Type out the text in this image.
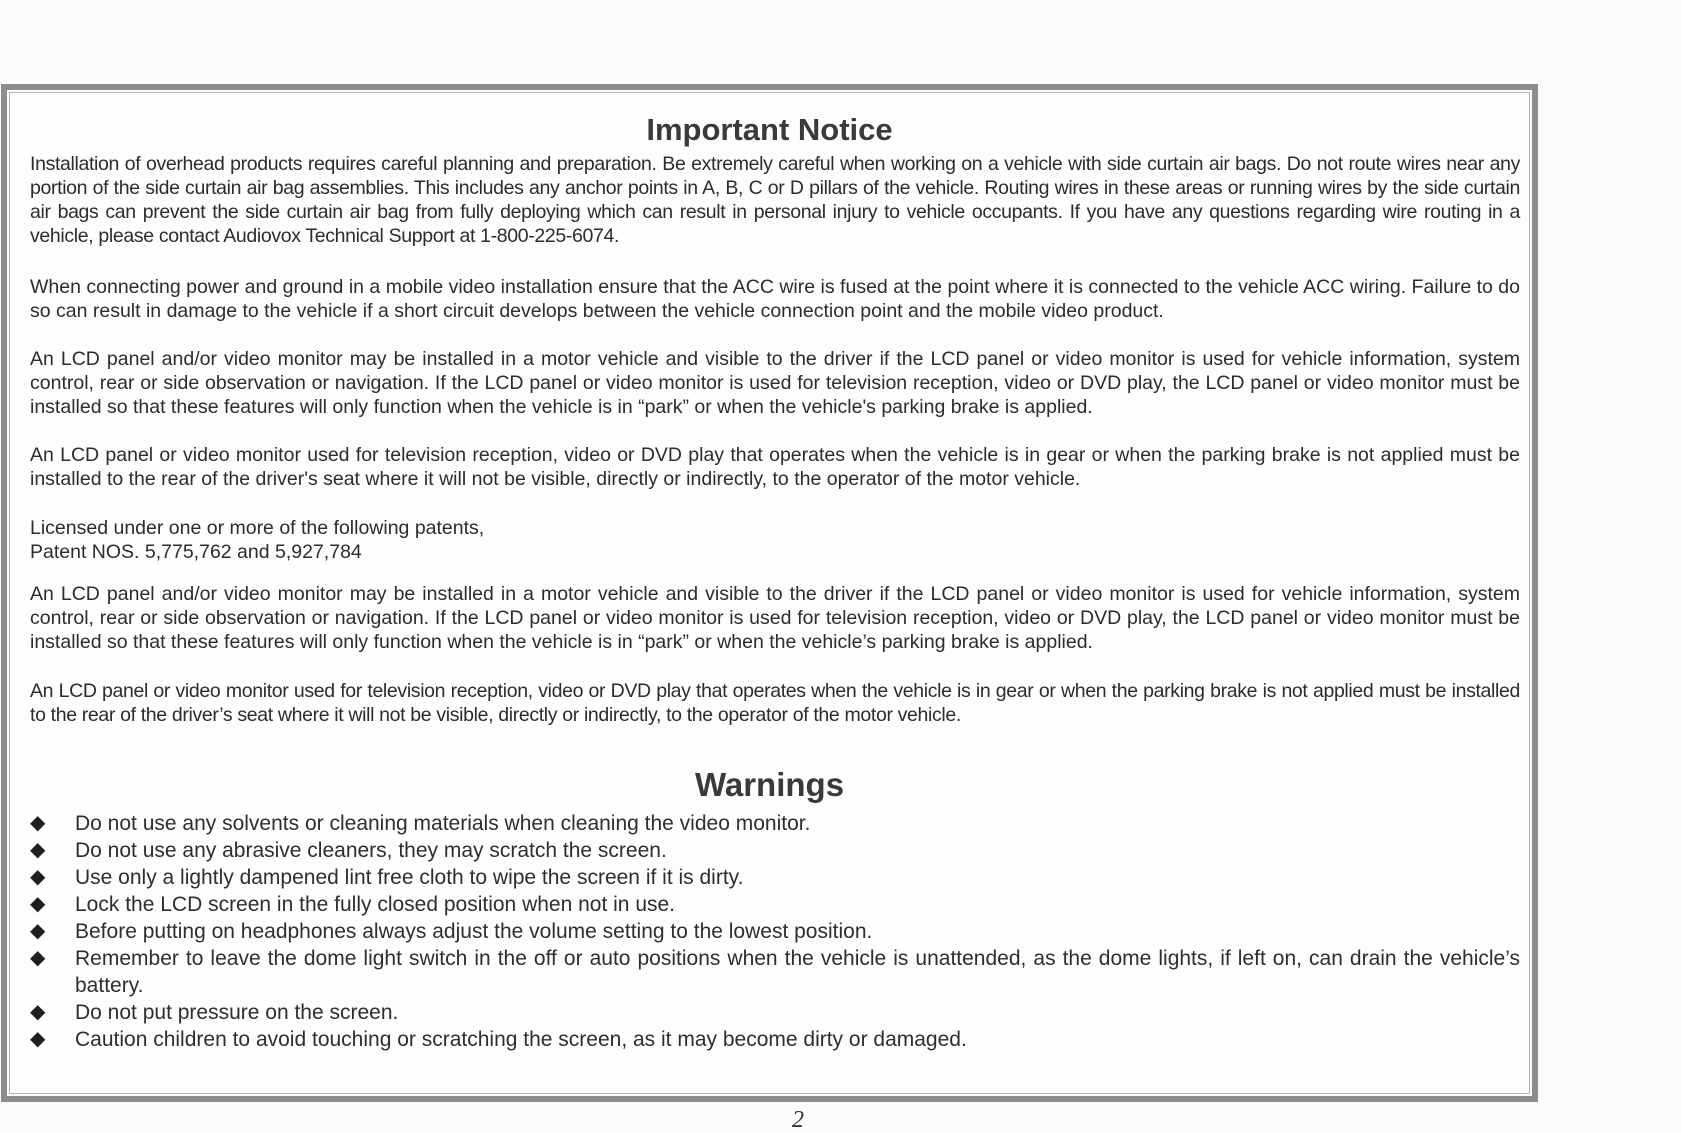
Important Notice

Installation of overhead products requires careful planning and preparation. Be extremely careful when working on a vehicle with side curtain air bags. Do not route wires near any portion of the side curtain air bag assemblies. This includes any anchor points in A, B, C or D pillars of the vehicle. Routing wires in these areas or running wires by the side curtain air bags can prevent the side curtain air bag from fully deploying which can result in personal injury to vehicle occupants. If you have any questions regarding wire routing in a vehicle, please contact Audiovox Technical Support at 1-800-225-6074.

When connecting power and ground in a mobile video installation ensure that the ACC wire is fused at the point where it is connected to the vehicle ACC wiring. Failure to do so can result in damage to the vehicle if a short circuit develops between the vehicle connection point and the mobile video product.

An LCD panel and/or video monitor may be installed in a motor vehicle and visible to the driver if the LCD panel or video monitor is used for vehicle information, system control, rear or side observation or navigation. If the LCD panel or video monitor is used for television reception, video or DVD play, the LCD panel or video monitor must be installed so that these features will only function when the vehicle is in “park” or when the vehicle's parking brake is applied.

An LCD panel or video monitor used for television reception, video or DVD play that operates when the vehicle is in gear or when the parking brake is not applied must be installed to the rear of the driver's seat where it will not be visible, directly or indirectly, to the operator of the motor vehicle.

Licensed under one or more of the following patents,
Patent NOS. 5,775,762 and 5,927,784

An LCD panel and/or video monitor may be installed in a motor vehicle and visible to the driver if the LCD panel or video monitor is used for vehicle information, system control, rear or side observation or navigation. If the LCD panel or video monitor is used for television reception, video or DVD play, the LCD panel or video monitor must be installed so that these features will only function when the vehicle is in “park” or when the vehicle’s parking brake is applied.

An LCD panel or video monitor used for television reception, video or DVD play that operates when the vehicle is in gear or when the parking brake is not applied must be installed to the rear of the driver’s seat where it will not be visible, directly or indirectly, to the operator of the motor vehicle.

Warnings
◆ Do not use any solvents or cleaning materials when cleaning the video monitor.
◆ Do not use any abrasive cleaners, they may scratch the screen.
◆ Use only a lightly dampened lint free cloth to wipe the screen if it is dirty.
◆ Lock the LCD screen in the fully closed position when not in use.
◆ Before putting on headphones always adjust the volume setting to the lowest position.
◆ Remember to leave the dome light switch in the off or auto positions when the vehicle is unattended, as the dome lights, if left on, can drain the vehicle’s battery.
◆ Do not put pressure on the screen.
◆ Caution children to avoid touching or scratching the screen, as it may become dirty or damaged.

2
